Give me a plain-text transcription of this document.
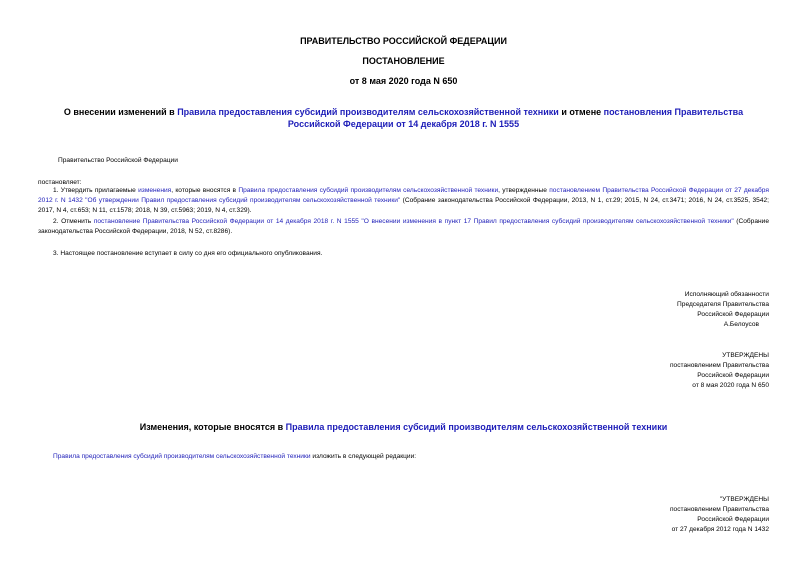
ПРАВИТЕЛЬСТВО РОССИЙСКОЙ ФЕДЕРАЦИИ
ПОСТАНОВЛЕНИЕ
от 8 мая 2020 года N 650
О внесении изменений в Правила предоставления субсидий производителям сельскохозяйственной техники и отмене постановления Правительства Российской Федерации от 14 декабря 2018 г. N 1555
Правительство Российской Федерации
постановляет:
1. Утвердить прилагаемые изменения, которые вносятся в Правила предоставления субсидий производителям сельскохозяйственной техники, утвержденные постановлением Правительства Российской Федерации от 27 декабря 2012 г. N 1432 "Об утверждении Правил предоставления субсидий производителям сельскохозяйственной техники" (Собрание законодательства Российской Федерации, 2013, N 1, ст.29; 2015, N 24, ст.3471; 2016, N 24, ст.3525, 3542; 2017, N 4, ст.653; N 11, ст.1578; 2018, N 39, ст.5963; 2019, N 4, ст.329).
2. Отменить постановление Правительства Российской Федерации от 14 декабря 2018 г. N 1555 "О внесении изменения в пункт 17 Правил предоставления субсидий производителям сельскохозяйственной техники" (Собрание законодательства Российской Федерации, 2018, N 52, ст.8286).
3. Настоящее постановление вступает в силу со дня его официального опубликования.
Исполняющий обязанности
Председателя Правительства
Российской Федерации
А.Белоусов
УТВЕРЖДЕНЫ
постановлением Правительства
Российской Федерации
от 8 мая 2020 года N 650
Изменения, которые вносятся в Правила предоставления субсидий производителям сельскохозяйственной техники
Правила предоставления субсидий производителям сельскохозяйственной техники изложить в следующей редакции:
"УТВЕРЖДЕНЫ
постановлением Правительства
Российской Федерации
от 27 декабря 2012 года N 1432
